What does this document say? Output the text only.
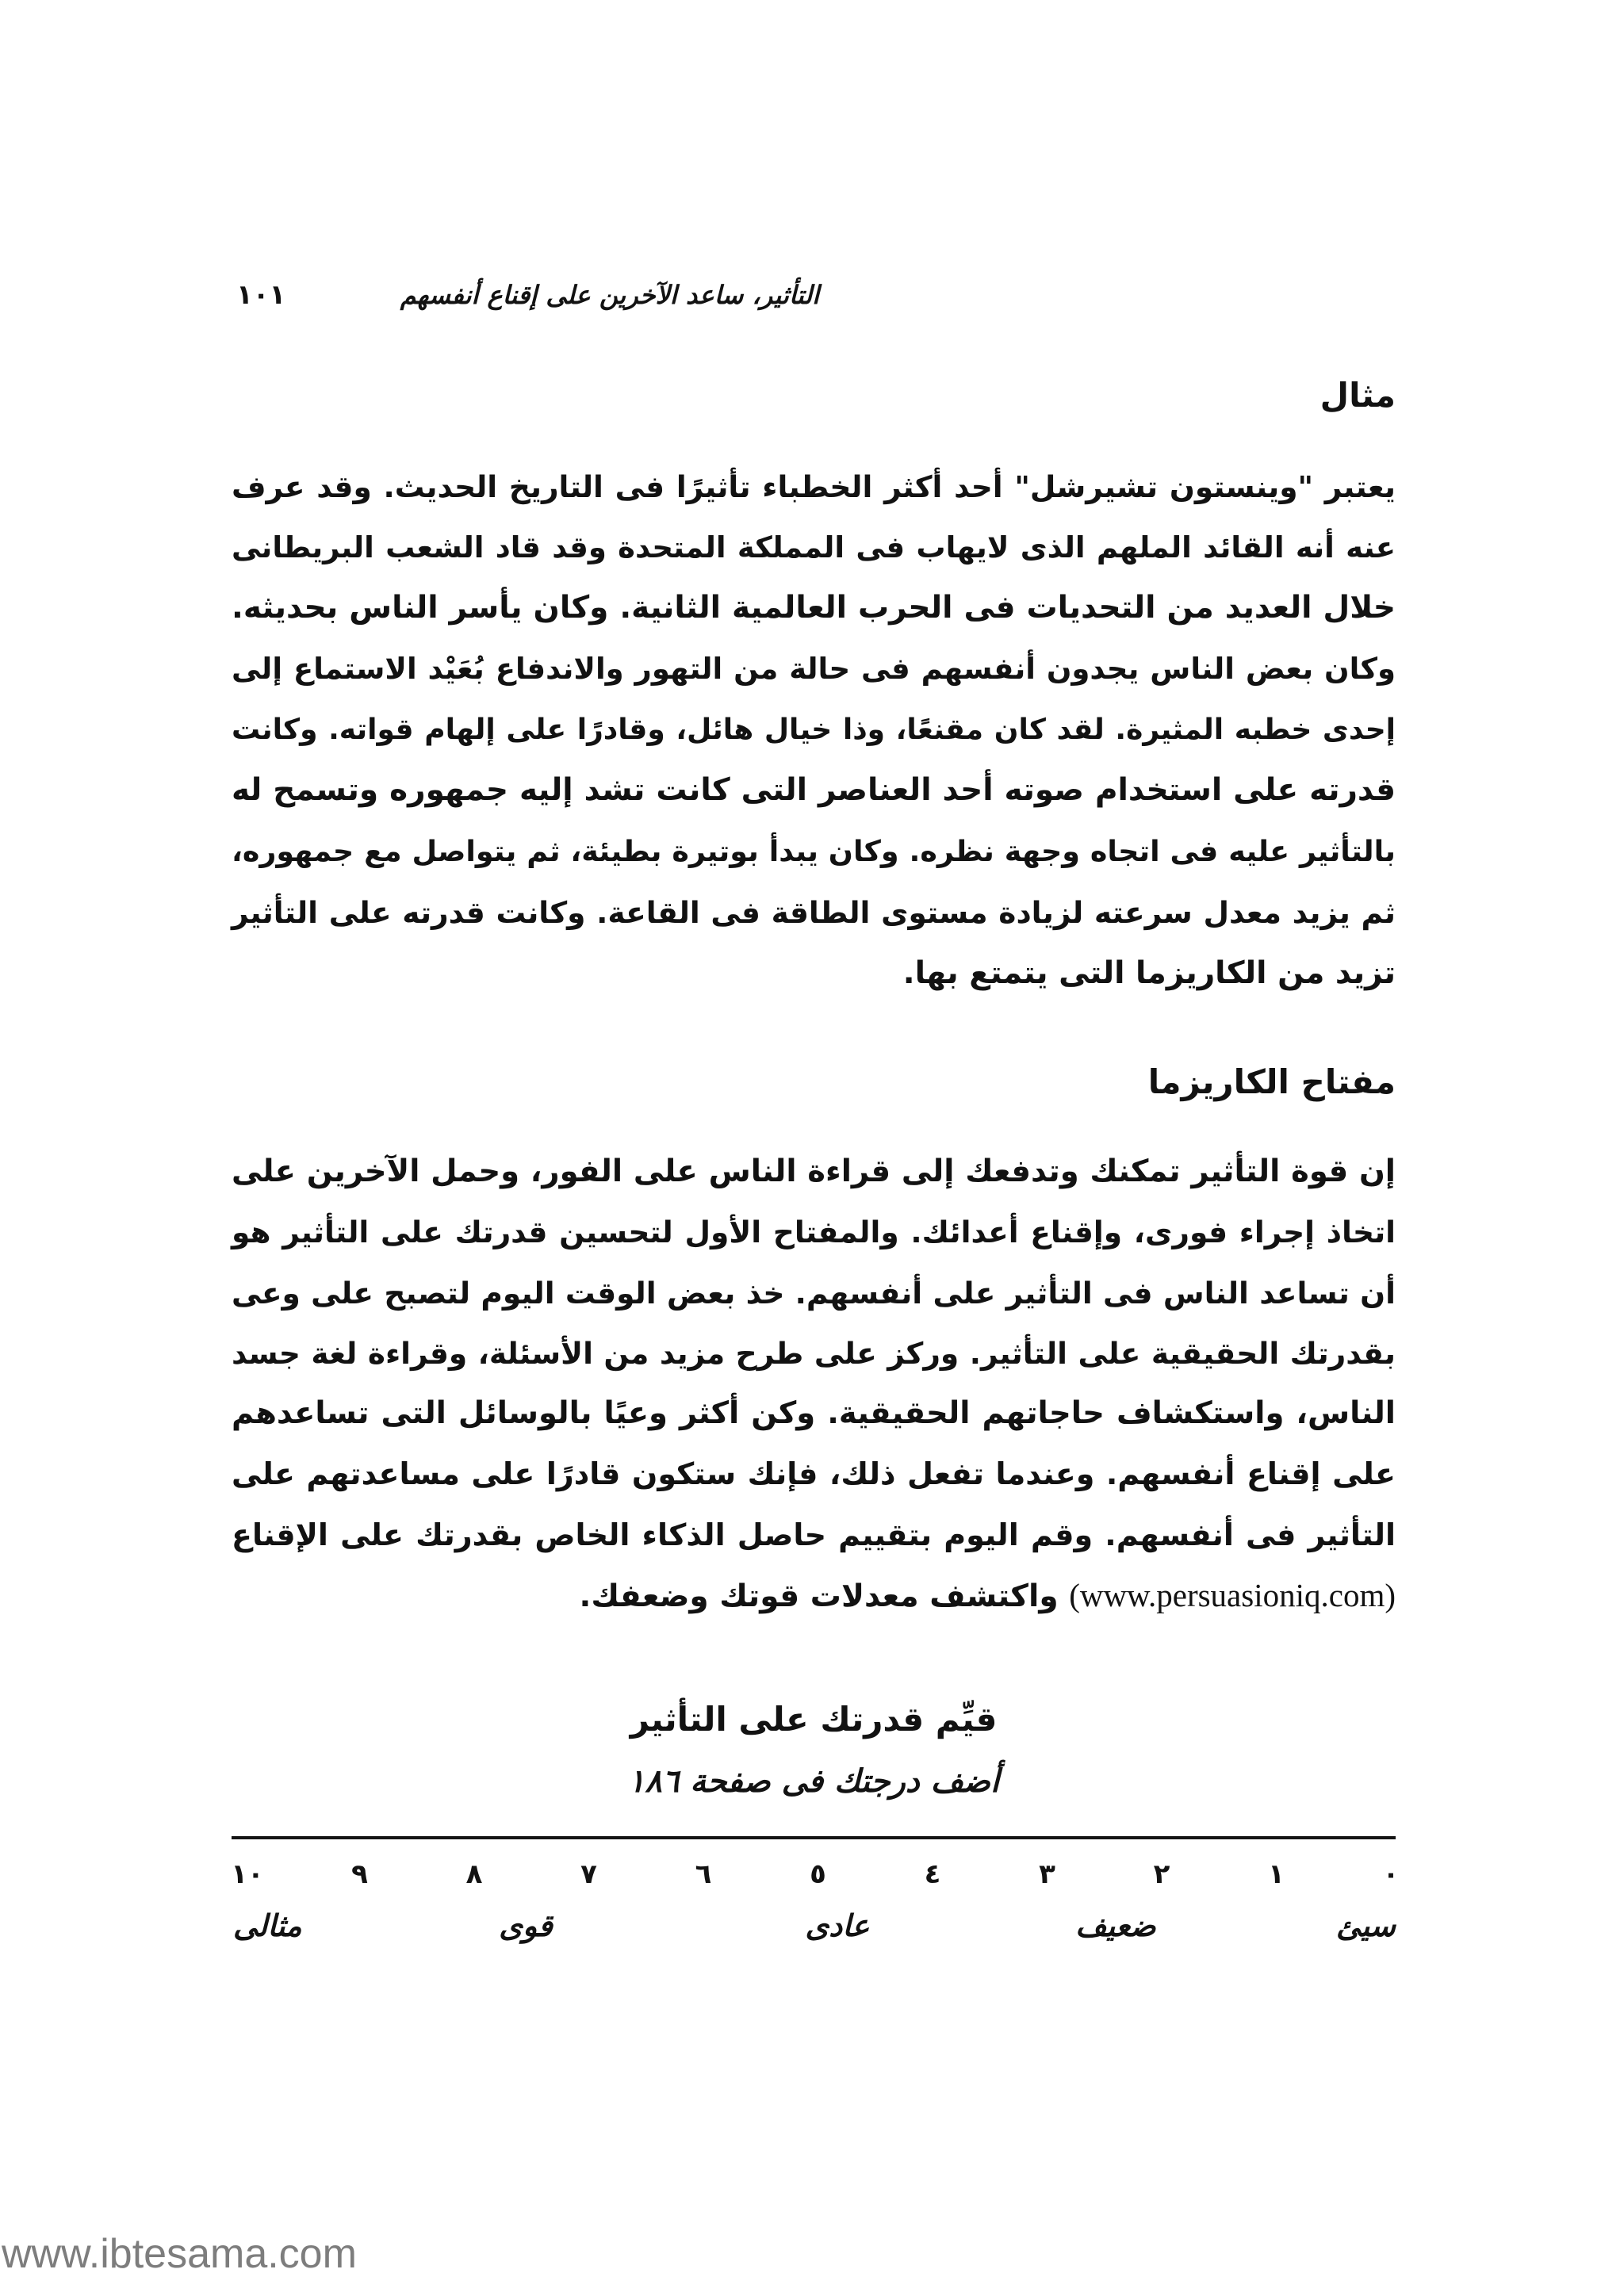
التأثير، ساعد الآخرين على إقناع أنفسهم
١٠١
مثال
يعتبر "وينستون تشيرشل" أحد أكثر الخطباء تأثيرًا فى التاريخ الحديث. وقد عرف
عنه أنه القائد الملهم الذى لايهاب فى المملكة المتحدة وقد قاد الشعب البريطانى
خلال العديد من التحديات فى الحرب العالمية الثانية. وكان يأسر الناس بحديثه.
وكان بعض الناس يجدون أنفسهم فى حالة من التهور والاندفاع بُعَيْد الاستماع إلى
إحدى خطبه المثيرة. لقد كان مقنعًا، وذا خيال هائل، وقادرًا على إلهام قواته. وكانت
قدرته على استخدام صوته أحد العناصر التى كانت تشد إليه جمهوره وتسمح له
بالتأثير عليه فى اتجاه وجهة نظره. وكان يبدأ بوتيرة بطيئة، ثم يتواصل مع جمهوره،
ثم يزيد معدل سرعته لزيادة مستوى الطاقة فى القاعة. وكانت قدرته على التأثير
تزيد من الكاريزما التى يتمتع بها.
مفتاح الكاريزما
إن قوة التأثير تمكنك وتدفعك إلى قراءة الناس على الفور، وحمل الآخرين على
اتخاذ إجراء فورى، وإقناع أعدائك. والمفتاح الأول لتحسين قدرتك على التأثير هو
أن تساعد الناس فى التأثير على أنفسهم. خذ بعض الوقت اليوم لتصبح على وعى
بقدرتك الحقيقية على التأثير. وركز على طرح مزيد من الأسئلة، وقراءة لغة جسد
الناس، واستكشاف حاجاتهم الحقيقية. وكن أكثر وعيًا بالوسائل التى تساعدهم
على إقناع أنفسهم. وعندما تفعل ذلك، فإنك ستكون قادرًا على مساعدتهم على
التأثير فى أنفسهم. وقم اليوم بتقييم حاصل الذكاء الخاص بقدرتك على الإقناع
(www.persuasioniq.com) واكتشف معدلات قوتك وضعفك.
قيِّم قدرتك على التأثير
أضف درجتك فى صفحة ١٨٦
٠
١
٢
٣
٤
٥
٦
٧
٨
٩
١٠
سيئ
ضعيف
عادى
قوى
مثالى
www.ibtesama.com
